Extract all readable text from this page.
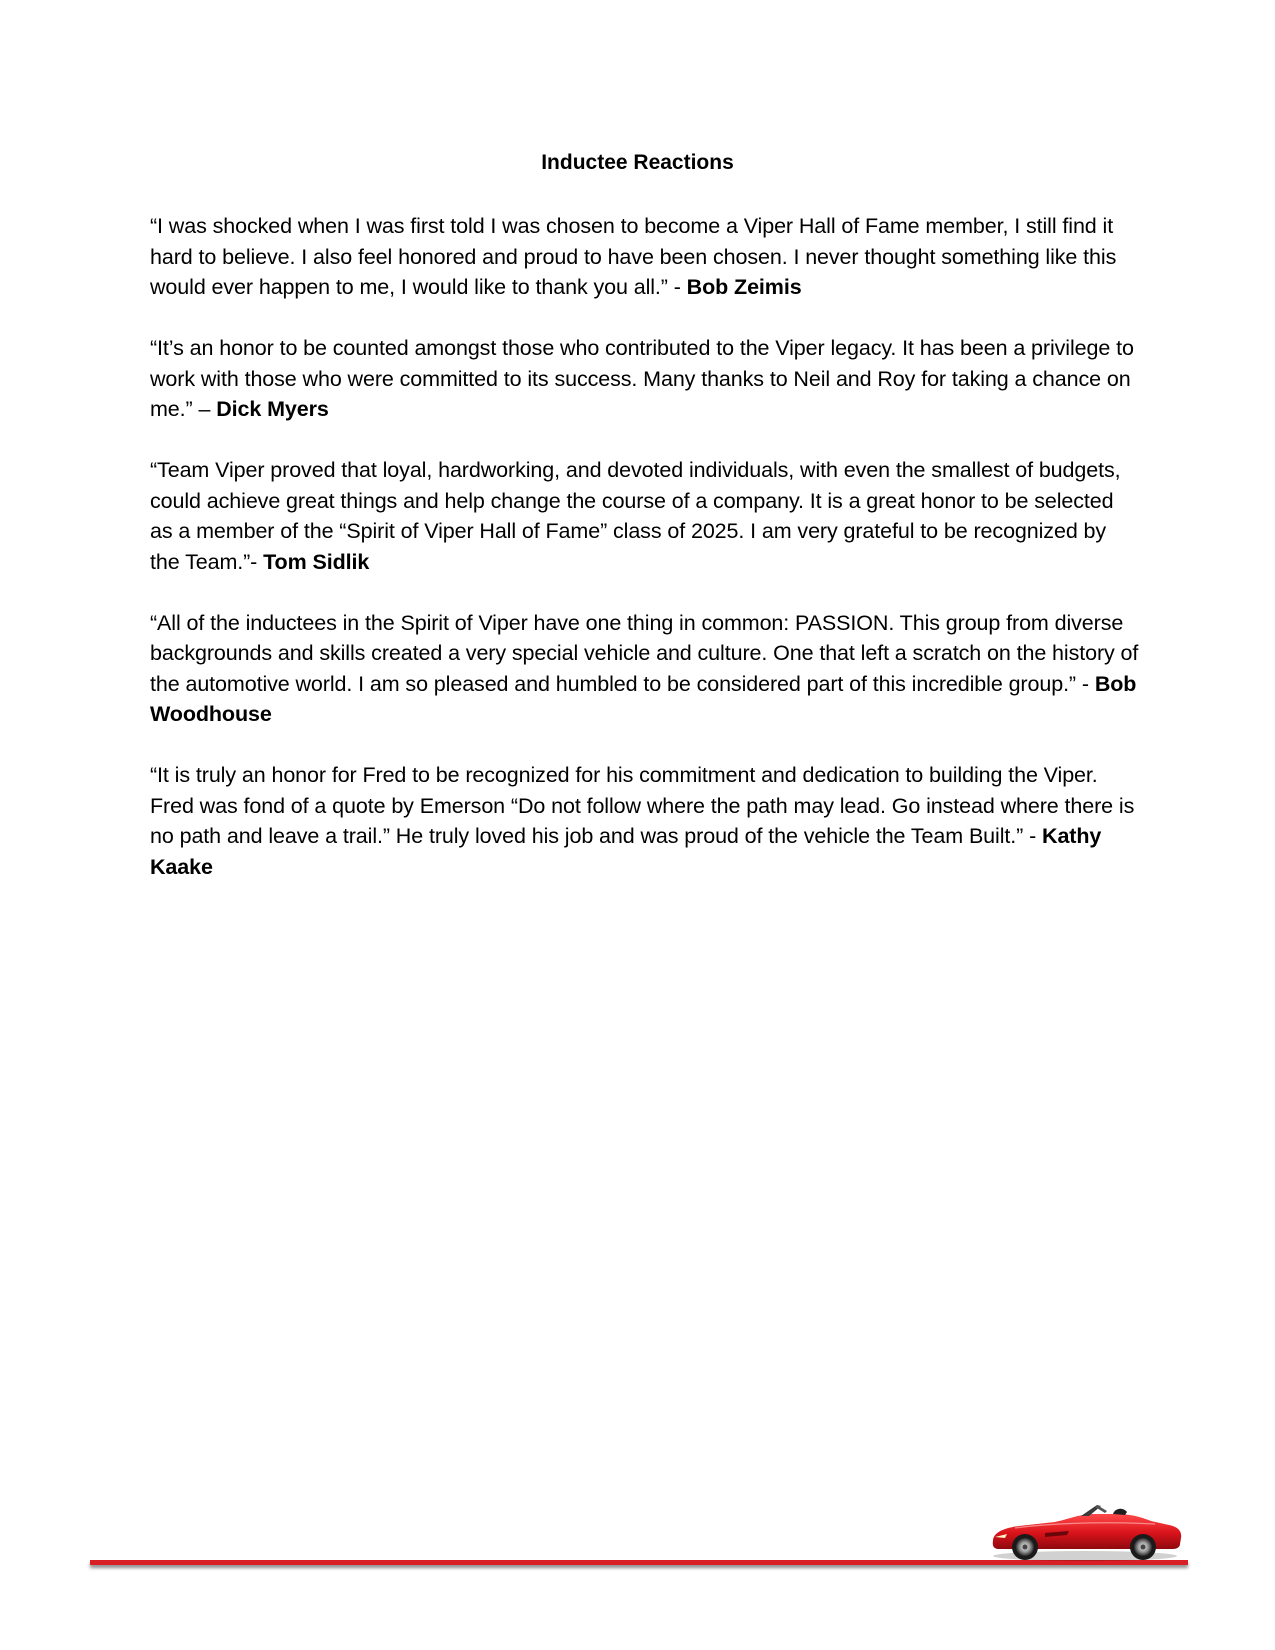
Inductee Reactions

“I was shocked when I was first told I was chosen to become a Viper Hall of Fame member, I still find it hard to believe. I also feel honored and proud to have been chosen. I never thought something like this would ever happen to me, I would like to thank you all.” - Bob Zeimis

“It’s an honor to be counted amongst those who contributed to the Viper legacy. It has been a privilege to work with those who were committed to its success. Many thanks to Neil and Roy for taking a chance on me.” – Dick Myers

“Team Viper proved that loyal, hardworking, and devoted individuals, with even the smallest of budgets, could achieve great things and help change the course of a company. It is a great honor to be selected as a member of the “Spirit of Viper Hall of Fame” class of 2025. I am very grateful to be recognized by the Team.”- Tom Sidlik

“All of the inductees in the Spirit of Viper have one thing in common: PASSION. This group from diverse backgrounds and skills created a very special vehicle and culture. One that left a scratch on the history of the automotive world. I am so pleased and humbled to be considered part of this incredible group.” - Bob Woodhouse

“It is truly an honor for Fred to be recognized for his commitment and dedication to building the Viper. Fred was fond of a quote by Emerson “Do not follow where the path may lead. Go instead where there is no path and leave a trail.” He truly loved his job and was proud of the vehicle the Team Built.” - Kathy Kaake
